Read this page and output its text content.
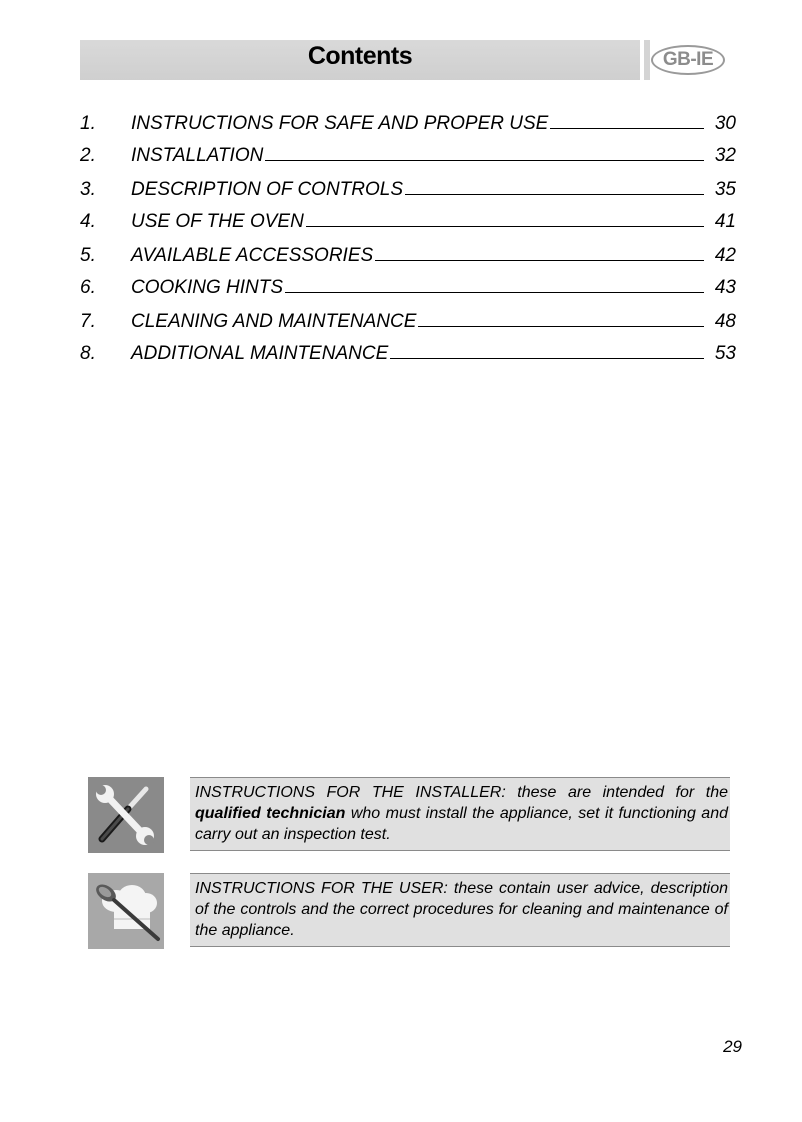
Contents	GB-IE
1.	INSTRUCTIONS FOR SAFE AND PROPER USE	30
2.	INSTALLATION	32
3.	DESCRIPTION OF CONTROLS	35
4.	USE OF THE OVEN	41
5.	AVAILABLE ACCESSORIES	42
6.	COOKING HINTS	43
7.	CLEANING AND MAINTENANCE	48
8.	ADDITIONAL MAINTENANCE	53
INSTRUCTIONS FOR THE INSTALLER: these are intended for the qualified technician who must install the appliance, set it functioning and carry out an inspection test.
INSTRUCTIONS FOR THE USER: these contain user advice, description of the controls and the correct procedures for cleaning and maintenance of the appliance.
29
